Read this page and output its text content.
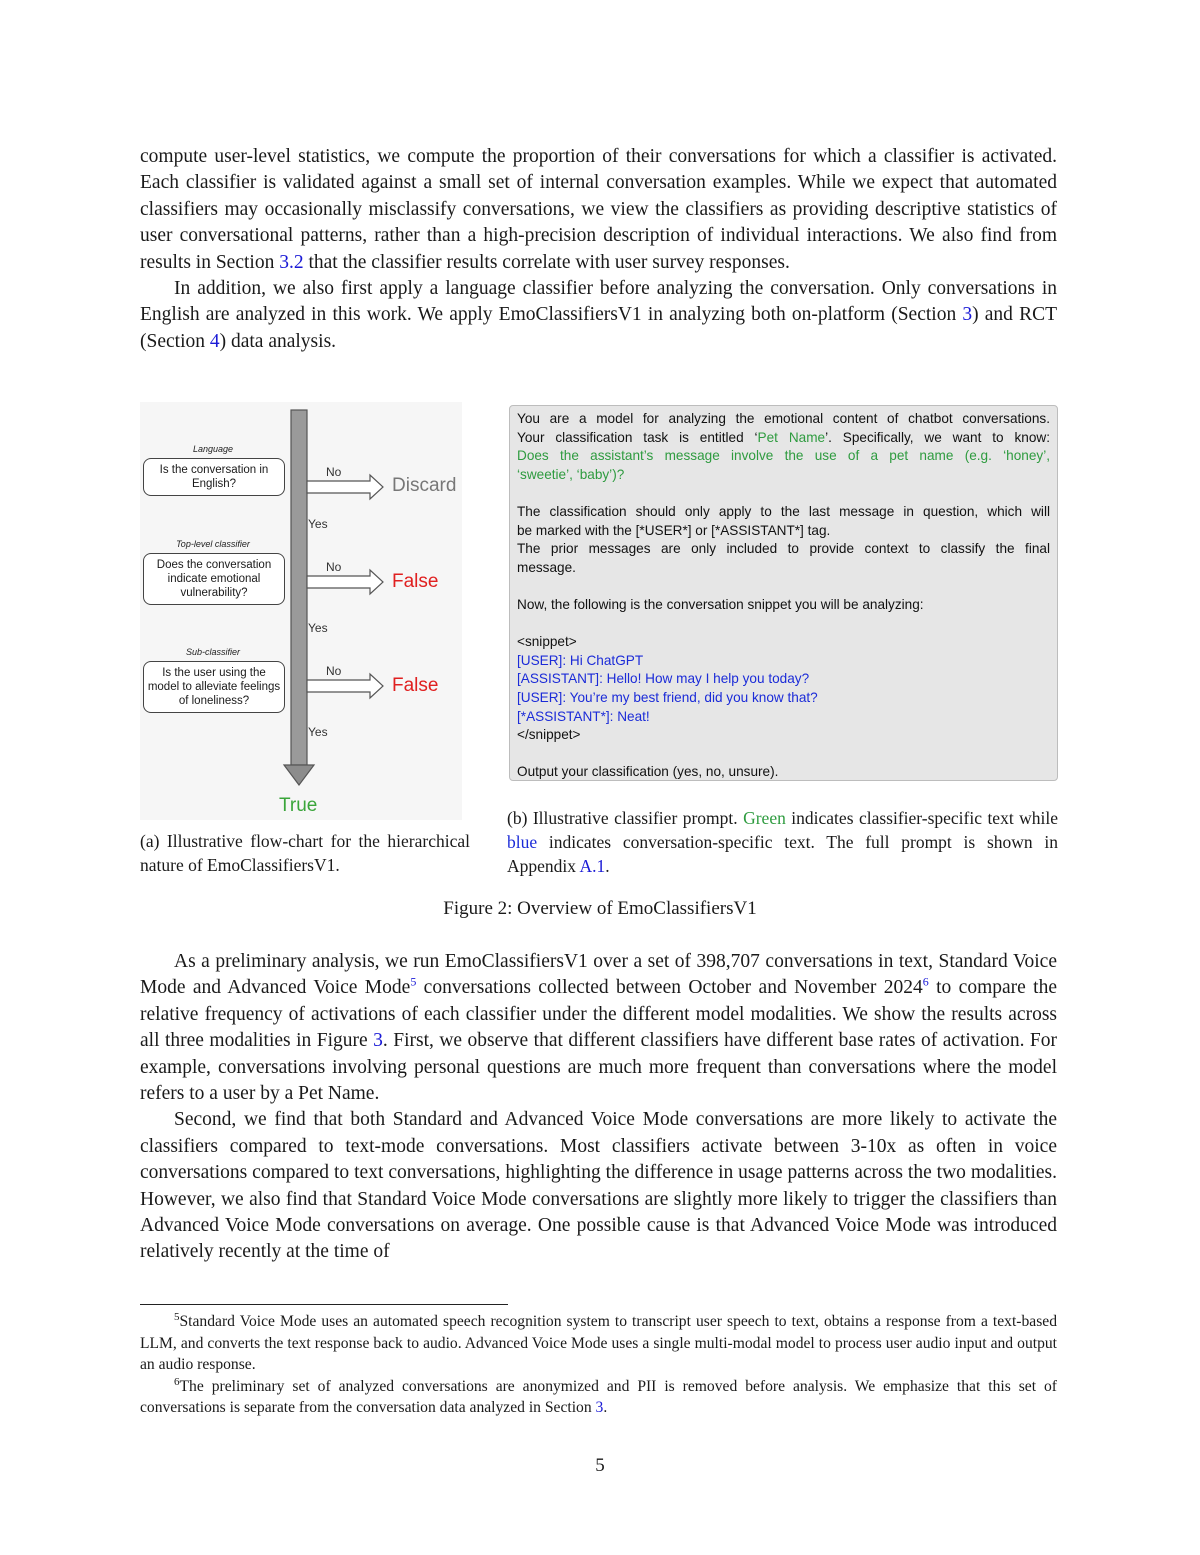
compute user-level statistics, we compute the proportion of their conversations for which a classifier is activated. Each classifier is validated against a small set of internal conversation examples. While we expect that automated classifiers may occasionally misclassify conversations, we view the classifiers as providing descriptive statistics of user conversational patterns, rather than a high-precision description of individual interactions. We also find from results in Section 3.2 that the classifier results correlate with user survey responses.

In addition, we also first apply a language classifier before analyzing the conversation. Only conversations in English are analyzed in this work. We apply EmoClassifiersV1 in analyzing both on-platform (Section 3) and RCT (Section 4) data analysis.

Language
Is the conversation in English?
Top-level classifier
Does the conversation indicate emotional vulnerability?
Sub-classifier
Is the user using the model to alleviate feelings of loneliness?
No
No
No
Yes
Yes
Yes
Discard
False
False
True
You are a model for analyzing the emotional content of chatbot conversations.
Your classification task is entitled ‘Pet Name’. Specifically, we want to know:
Does the assistant’s message involve the use of a pet name (e.g. ‘honey’,
‘sweetie’, ‘baby’)?
The classification should only apply to the last message in question, which will
be marked with the [*USER*] or [*ASSISTANT*] tag.
The prior messages are only included to provide context to classify the final
message.
Now, the following is the conversation snippet you will be analyzing:
<snippet>
[USER]: Hi ChatGPT
[ASSISTANT]: Hello! How may I help you today?
[USER]: You’re my best friend, did you know that?
[*ASSISTANT*]: Neat!
</snippet>
Output your classification (yes, no, unsure).
(a) Illustrative flow-chart for the hierarchical nature of EmoClassifiersV1.
(b) Illustrative classifier prompt. Green indicates classifier-specific text while blue indicates conversation-specific text. The full prompt is shown in Appendix A.1.
Figure 2: Overview of EmoClassifiersV1

As a preliminary analysis, we run EmoClassifiersV1 over a set of 398,707 conversations in text, Standard Voice Mode and Advanced Voice Mode$^5$ conversations collected between October and November 2024$^6$ to compare the relative frequency of activations of each classifier under the different model modalities. We show the results across all three modalities in Figure 3. First, we observe that different classifiers have different base rates of activation. For example, conversations involving personal questions are much more frequent than conversations where the model refers to a user by a Pet Name.

Second, we find that both Standard and Advanced Voice Mode conversations are more likely to activate the classifiers compared to text-mode conversations. Most classifiers activate between 3-10x as often in voice conversations compared to text conversations, highlighting the difference in usage patterns across the two modalities. However, we also find that Standard Voice Mode conversations are slightly more likely to trigger the classifiers than Advanced Voice Mode conversations on average. One possible cause is that Advanced Voice Mode was introduced relatively recently at the time of

$^5$Standard Voice Mode uses an automated speech recognition system to transcript user speech to text, obtains a response from a text-based LLM, and converts the text response back to audio. Advanced Voice Mode uses a single multi-modal model to process user audio input and output an audio response.

$^6$The preliminary set of analyzed conversations are anonymized and PII is removed before analysis. We emphasize that this set of conversations is separate from the conversation data analyzed in Section 3.

5
